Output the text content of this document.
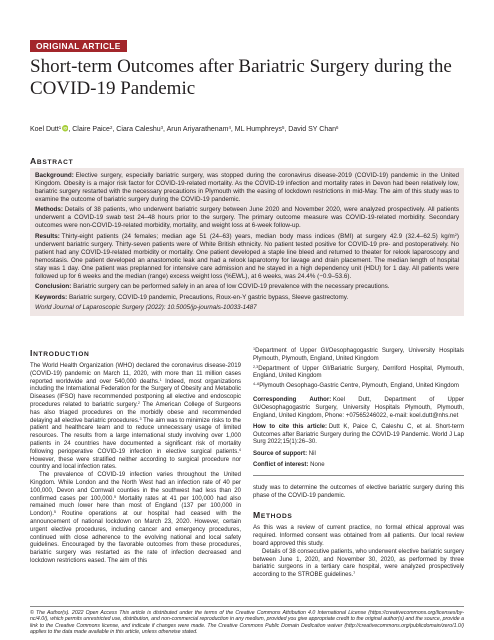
ORIGINAL ARTICLE
Short-term Outcomes after Bariatric Surgery during the COVID-19 Pandemic
Koel Dutt$^1$ iD , Claire Paice$^2$, Ciara Caleshu$^3$, Arun Ariyarathenam$^4$, ML Humphreys$^5$, David SY Chan$^6$
ABSTRACT

Background: Elective surgery, especially bariatric surgery, was stopped during the coronavirus disease-2019 (COVID-19) pandemic in the United Kingdom. Obesity is a major risk factor for COVID-19-related mortality. As the COVID-19 infection and mortality rates in Devon had been relatively low, bariatric surgery restarted with the necessary precautions in Plymouth with the easing of lockdown restrictions in mid-May. The aim of this study was to examine the outcome of bariatric surgery during the COVID-19 pandemic.

Methods: Details of 38 patients, who underwent bariatric surgery between June 2020 and November 2020, were analyzed prospectively. All patients underwent a COVID-19 swab test 24–48 hours prior to the surgery. The primary outcome measure was COVID-19-related morbidity. Secondary outcomes were non-COVID-19-related morbidity, mortality, and weight loss at 6-week follow-up.

Results: Thirty-eight patients (24 females; median age 51 (24–63) years, median body mass indices (BMI) at surgery 42.9 (32.4–62.5) $kg/m^2$) underwent bariatric surgery. Thirty-seven patients were of White British ethnicity. No patient tested positive for COVID-19 pre- and postoperatively. No patient had any COVID-19-related morbidity or mortality. One patient developed a staple line bleed and returned to theater for relook laparoscopy and hemostasis. One patient developed an anastomotic leak and had a relook laparotomy for lavage and drain placement. The median length of hospital stay was 1 day. One patient was preplanned for intensive care admission and he stayed in a high dependency unit (HDU) for 1 day. All patients were followed up for 6 weeks and the median (range) excess weight loss (%EWL), at 6 weeks, was 24.4% (−0.9–53.6).

Conclusion: Bariatric surgery can be performed safely in an area of low COVID-19 prevalence with the necessary precautions.

Keywords: Bariatric surgery, COVID-19 pandemic, Precautions, Roux-en-Y gastric bypass, Sleeve gastrectomy.

World Journal of Laparoscopic Surgery (2022): 10.5005/jp-journals-10033-1487

INTRODUCTION

The World Health Organization (WHO) declared the coronavirus disease-2019 (COVID-19) pandemic on March 11, 2020, with more than 11 million cases reported worldwide and over 540,000 deaths.$^1$ Indeed, most organizations including the International Federation for the Surgery of Obesity and Metabolic Diseases (IFSO) have recommended postponing all elective and endoscopic procedures related to bariatric surgery.$^2$ The American College of Surgeons has also triaged procedures on the morbidly obese and recommended delaying all elective bariatric procedures.$^3$ The aim was to minimize risks to the patient and healthcare team and to reduce unnecessary usage of limited resources. The results from a large international study involving over 1,000 patients in 24 countries have documented a significant risk of mortality following perioperative COVID-19 infection in elective surgical patients.$^4$ However, these were stratified neither according to surgical procedure nor country and local infection rates.

The prevalence of COVID-19 infection varies throughout the United Kingdom. While London and the North West had an infection rate of 40 per 100,000, Devon and Cornwall counties in the southwest had less than 20 confirmed cases per 100,000.$^5$ Mortality rates at 41 per 100,000 had also remained much lower here than most of England (137 per 100,000 in London).$^5$ Routine operations at our hospital had ceased with the announcement of national lockdown on March 23, 2020. However, certain urgent elective procedures, including cancer and emergency procedures, continued with close adherence to the evolving national and local safety guidelines. Encouraged by the favorable outcomes from these procedures, bariatric surgery was restarted as the rate of infection decreased and lockdown restrictions eased. The aim of this

$^1$Department of Upper GI/Oesophagogastric Surgery, University Hospitals Plymouth, Plymouth, England, United Kingdom

$^{2,3}$Department of Upper GI/Bariatric Surgery, Derriford Hospital, Plymouth, England, United Kingdom

$^{4-6}$Plymouth Oesophago-Gastric Centre, Plymouth, England, United Kingdom

Corresponding Author: Koel Dutt, Department of Upper GI/Oesophagogastric Surgery, University Hospitals Plymouth, Plymouth, England, United Kingdom, Phone: +07565246022, e-mail: koel.dutt@nhs.net

How to cite this article: Dutt K, Paice C, Caleshu C, et al. Short-term Outcomes after Bariatric Surgery during the COVID-19 Pandemic. World J Lap Surg 2022;15(1):26–30.

Source of support: Nil

Conflict of interest: None

study was to determine the outcomes of elective bariatric surgery during this phase of the COVID-19 pandemic.

METHODS

As this was a review of current practice, no formal ethical approval was required. Informed consent was obtained from all patients. Our local review board approved this study.

Details of 38 consecutive patients, who underwent elective bariatric surgery between June 1, 2020, and November 30, 2020, as performed by three bariatric surgeons in a tertiary care hospital, were analyzed prospectively according to the STROBE guidelines.$^7$

© The Author(s). 2022 Open Access This article is distributed under the terms of the Creative Commons Attribution 4.0 International License (https://creativecommons.org/licenses/by-nc/4.0/), which permits unrestricted use, distribution, and non-commercial reproduction in any medium, provided you give appropriate credit to the original author(s) and the source, provide a link to the Creative Commons license, and indicate if changes were made. The Creative Commons Public Domain Dedication waiver (http://creativecommons.org/publicdomain/zero/1.0/) applies to the data made available in this article, unless otherwise stated.
